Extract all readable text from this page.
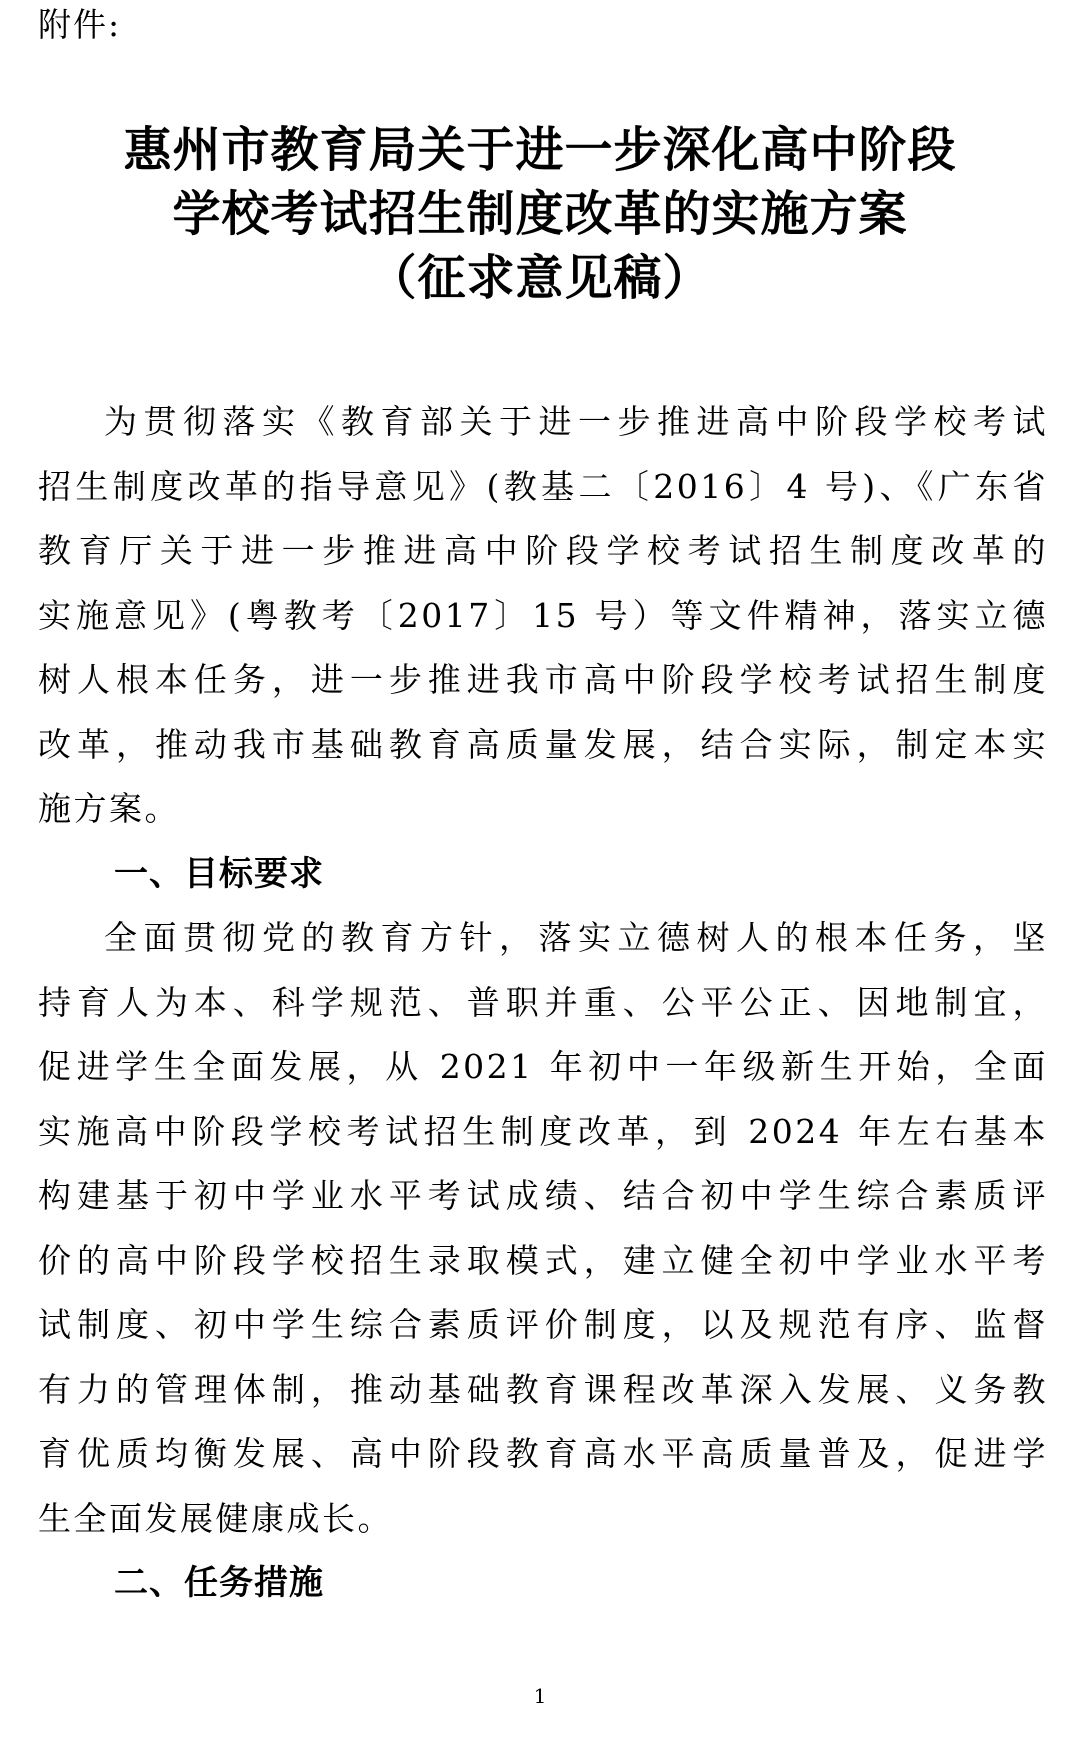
附件:
惠州市教育局关于进一步深化高中阶段
学校考试招生制度改革的实施方案
（征求意见稿）
为贯彻落实《教育部关于进一步推进高中阶段学校考试
招生制度改革的指导意见》(教基二〔2016〕4 号)、《广东省
教育厅关于进一步推进高中阶段学校考试招生制度改革的
实施意见》(粤教考〔2017〕15 号）等文件精神，落实立德
树人根本任务，进一步推进我市高中阶段学校考试招生制度
改革，推动我市基础教育高质量发展，结合实际，制定本实
施方案。
一、目标要求
全面贯彻党的教育方针，落实立德树人的根本任务，坚
持育人为本、科学规范、普职并重、公平公正、因地制宜，
促进学生全面发展，从 2021 年初中一年级新生开始，全面
实施高中阶段学校考试招生制度改革，到 2024 年左右基本
构建基于初中学业水平考试成绩、结合初中学生综合素质评
价的高中阶段学校招生录取模式，建立健全初中学业水平考
试制度、初中学生综合素质评价制度，以及规范有序、监督
有力的管理体制，推动基础教育课程改革深入发展、义务教
育优质均衡发展、高中阶段教育高水平高质量普及，促进学
生全面发展健康成长。
二、任务措施
1
